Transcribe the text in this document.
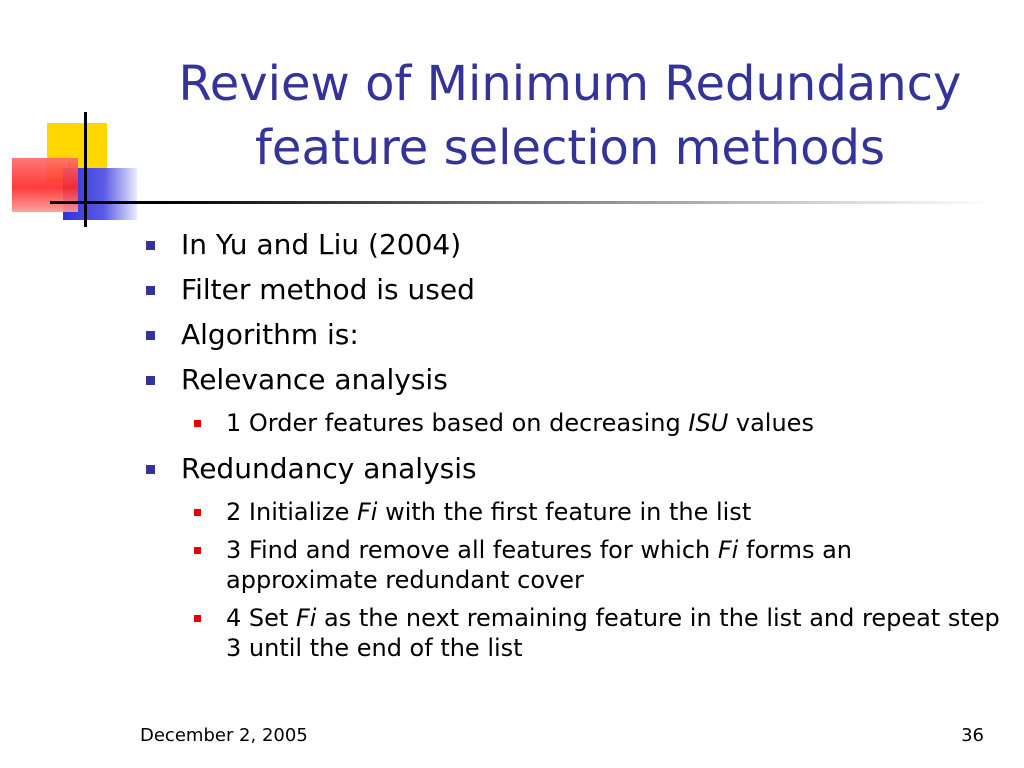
Review of Minimum Redundancy
feature selection methods
In Yu and Liu (2004)
Filter method is used
Algorithm is:
Relevance analysis
1 Order features based on decreasing ISU values
Redundancy analysis
2 Initialize Fi with the first feature in the list
3 Find and remove all features for which Fi forms an approximate redundant cover
4 Set Fi as the next remaining feature in the list and repeat step 3 until the end of the list
December 2, 2005	36
